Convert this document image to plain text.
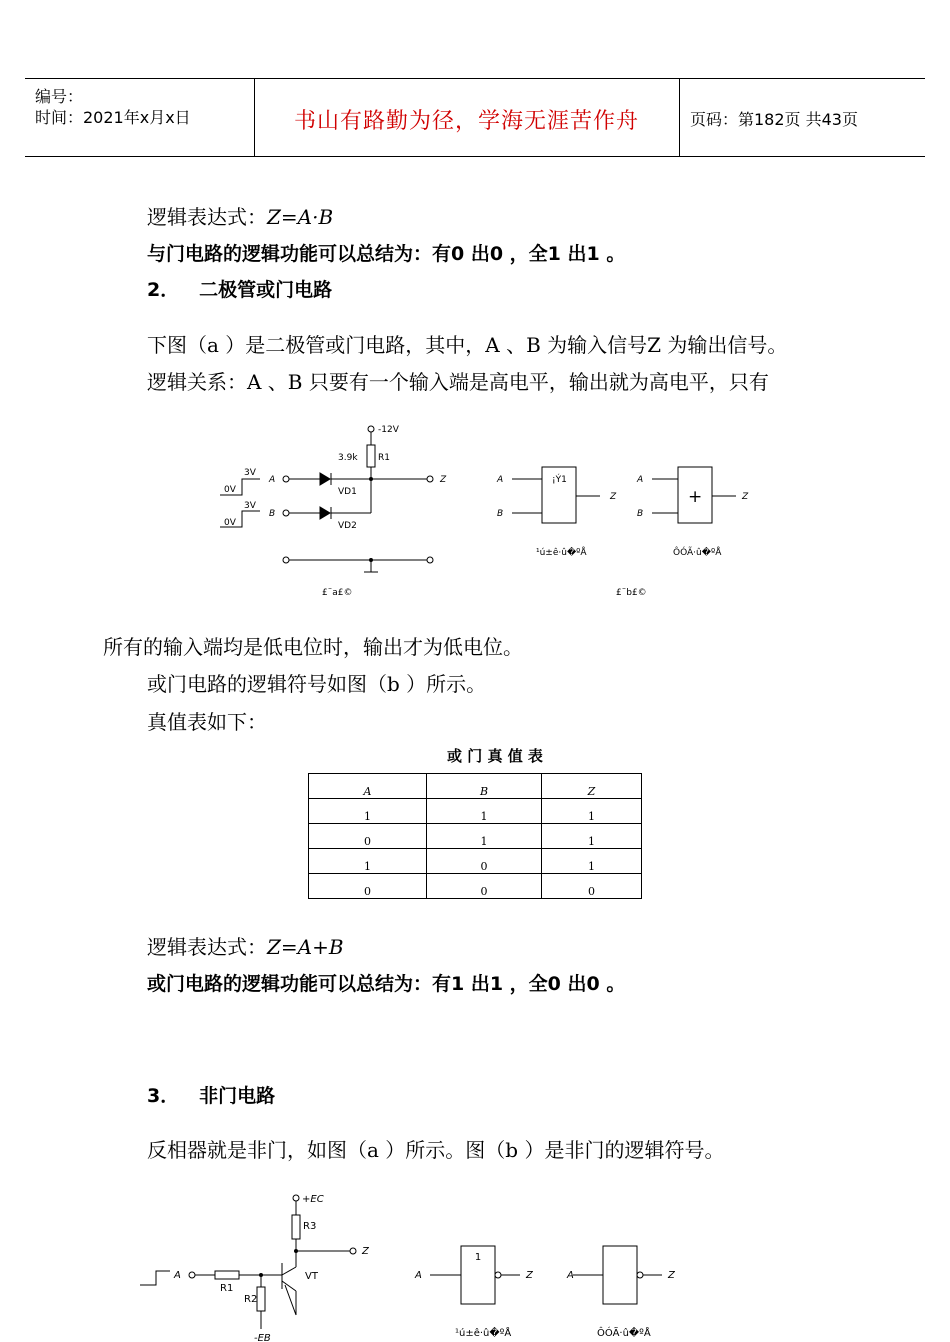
编号：
时间：2021年x月x日	书山有路勤为径，学海无涯苦作舟	页码：第182页 共43页
逻辑表达式：Z=A·B
与门电路的逻辑功能可以总结为：有0 出0 ，全1 出1 。
2． 二极管或门电路
下图（a ）是二极管或门电路，其中，A 、B 为输入信号Z 为输出信号。
逻辑关系：A 、B 只要有一个输入端是高电平，输出就为高电平，只有
-12V
3.9k R1
VD1
VD2
A
B
Z
3V
0V
3V
0V
£¨a£©	£¨b£©
A
B
Z
¡Ý1
¹ú±ê·û�ºÅ
A
B
Z
ÔÓÃ·û�ºÅ
+
所有的输入端均是低电位时，输出才为低电位。
或门电路的逻辑符号如图（b ）所示。
真值表如下：
或 门 真 值 表
A	B	Z
1	1	1
0	1	1
1	0	1
0	0	0
逻辑表达式：Z=A+B
或门电路的逻辑功能可以总结为：有1 出1 ，全0 出0 。
3． 非门电路
反相器就是非门，如图（a ）所示。图（b ）是非门的逻辑符号。
+EC
R3
R1
R2
VT
A
Z
-EB
A	Z
1
¹ú±ê·û�ºÅ
A	Z
ÔÓÃ·û�ºÅ
